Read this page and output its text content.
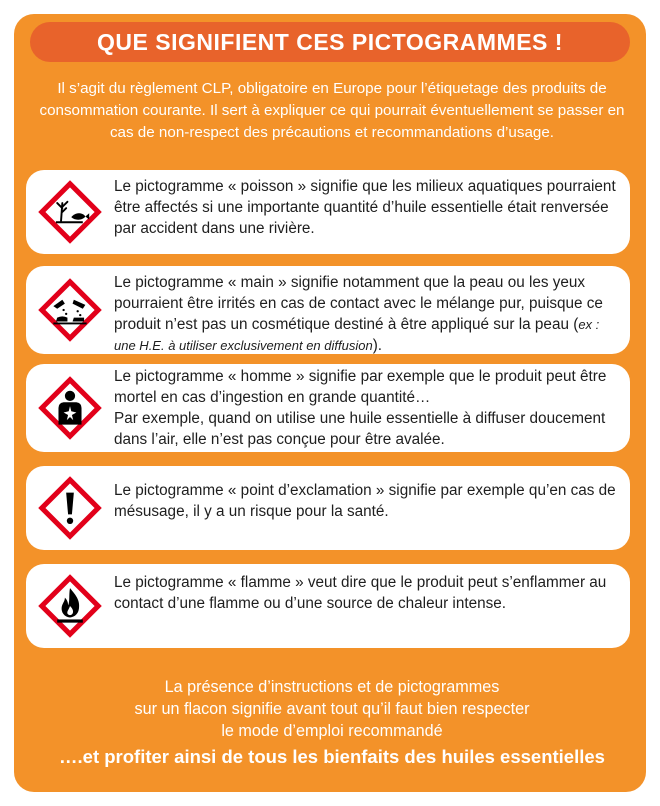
QUE SIGNIFIENT CES PICTOGRAMMES !
Il s’agit du règlement CLP, obligatoire en Europe pour l’étiquetage des produits de consommation courante. Il sert à expliquer ce qui pourrait éventuellement se passer en cas de non-respect des précautions et recommandations d’usage.
Le pictogramme « poisson » signifie que les milieux aquatiques pourraient être affectés si une importante quantité d’huile essentielle était renversée par accident dans une rivière.
Le pictogramme « main » signifie notamment que la peau ou les yeux pourraient être irrités en cas de contact avec le mélange pur, puisque ce produit n’est pas un cosmétique destiné à être appliqué sur la peau (ex : une H.E. à utiliser exclusivement en diffusion).
Le pictogramme « homme » signifie par exemple que le produit peut être mortel en cas d’ingestion en grande quantité…
Par exemple, quand on utilise une huile essentielle à diffuser doucement dans l’air, elle n’est pas conçue pour être avalée.
Le pictogramme « point d’exclamation » signifie par exemple qu’en cas de mésusage, il y a un risque pour la santé.
Le pictogramme « flamme » veut dire que le produit peut s’enflammer au contact d’une flamme ou d’une source de chaleur intense.
La présence d’instructions et de pictogrammes
sur un flacon signifie avant tout qu’il faut bien respecter
le mode d’emploi recommandé
….et profiter ainsi de tous les bienfaits des huiles essentielles
